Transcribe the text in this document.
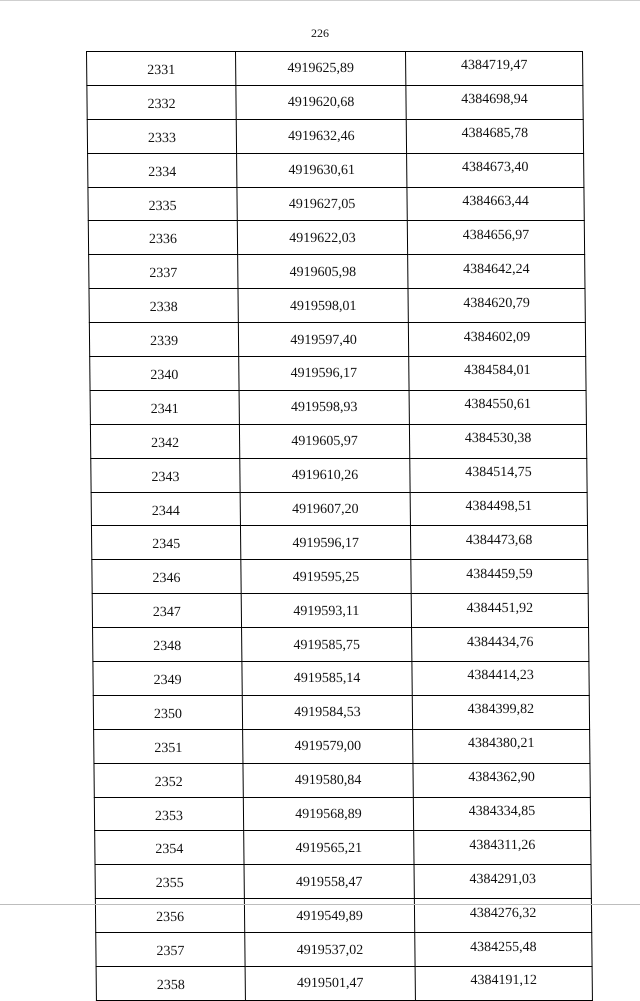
226
2331	4919625,89	4384719,47
2332	4919620,68	4384698,94
2333	4919632,46	4384685,78
2334	4919630,61	4384673,40
2335	4919627,05	4384663,44
2336	4919622,03	4384656,97
2337	4919605,98	4384642,24
2338	4919598,01	4384620,79
2339	4919597,40	4384602,09
2340	4919596,17	4384584,01
2341	4919598,93	4384550,61
2342	4919605,97	4384530,38
2343	4919610,26	4384514,75
2344	4919607,20	4384498,51
2345	4919596,17	4384473,68
2346	4919595,25	4384459,59
2347	4919593,11	4384451,92
2348	4919585,75	4384434,76
2349	4919585,14	4384414,23
2350	4919584,53	4384399,82
2351	4919579,00	4384380,21
2352	4919580,84	4384362,90
2353	4919568,89	4384334,85
2354	4919565,21	4384311,26
2355	4919558,47	4384291,03
2356	4919549,89	4384276,32
2357	4919537,02	4384255,48
2358	4919501,47	4384191,12
